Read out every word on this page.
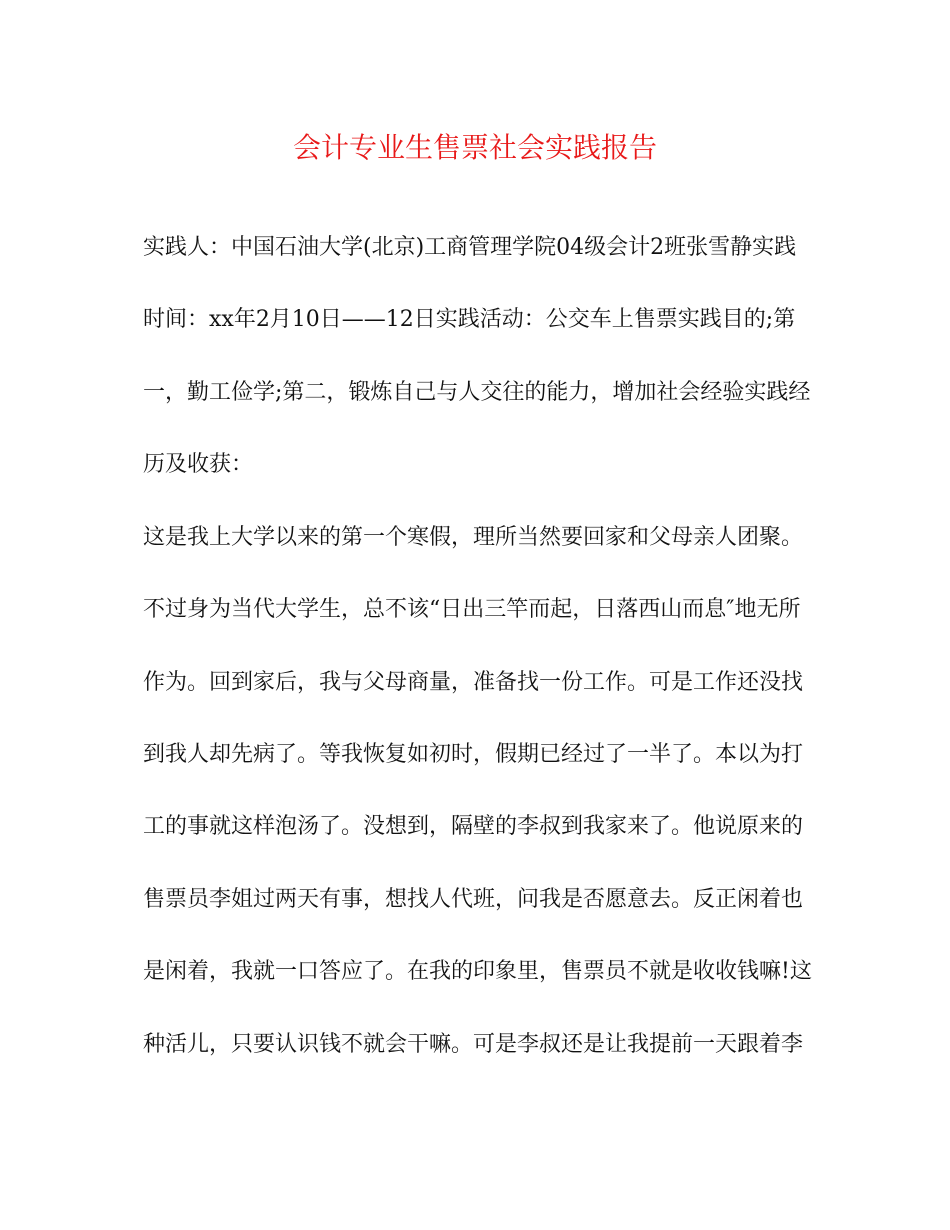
会计专业生售票社会实践报告
实践人：中国石油大学(北京)工商管理学院04级会计2班张雪静实践
时间：xx年2月10日——12日实践活动：公交车上售票实践目的;第
一，勤工俭学;第二，锻炼自己与人交往的能力，增加社会经验实践经
历及收获：
这是我上大学以来的第一个寒假，理所当然要回家和父母亲人团聚。
不过身为当代大学生，总不该“日出三竿而起，日落西山而息″地无所
作为。回到家后，我与父母商量，准备找一份工作。可是工作还没找
到我人却先病了。等我恢复如初时，假期已经过了一半了。本以为打
工的事就这样泡汤了。没想到，隔壁的李叔到我家来了。他说原来的
售票员李姐过两天有事，想找人代班，问我是否愿意去。反正闲着也
是闲着，我就一口答应了。在我的印象里，售票员不就是收收钱嘛!这
种活儿，只要认识钱不就会干嘛。可是李叔还是让我提前一天跟着李
